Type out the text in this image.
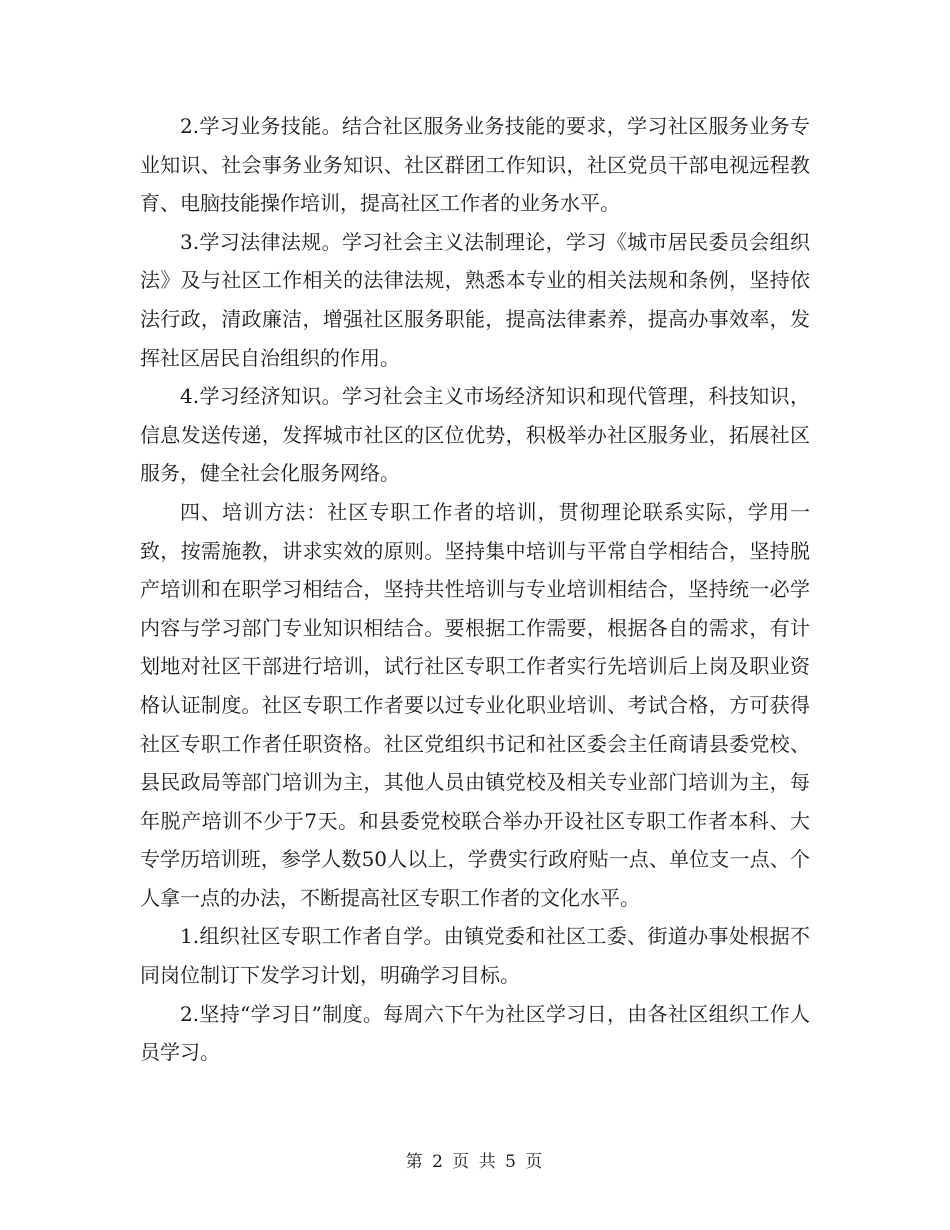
2.学习业务技能。结合社区服务业务技能的要求，学习社区服务业务专业知识、社会事务业务知识、社区群团工作知识，社区党员干部电视远程教育、电脑技能操作培训，提高社区工作者的业务水平。

3.学习法律法规。学习社会主义法制理论，学习《城市居民委员会组织法》及与社区工作相关的法律法规，熟悉本专业的相关法规和条例，坚持依法行政，清政廉洁，增强社区服务职能，提高法律素养，提高办事效率，发挥社区居民自治组织的作用。

4.学习经济知识。学习社会主义市场经济知识和现代管理，科技知识，信息发送传递，发挥城市社区的区位优势，积极举办社区服务业，拓展社区服务，健全社会化服务网络。

四、培训方法：社区专职工作者的培训，贯彻理论联系实际，学用一致，按需施教，讲求实效的原则。坚持集中培训与平常自学相结合，坚持脱产培训和在职学习相结合，坚持共性培训与专业培训相结合，坚持统一必学内容与学习部门专业知识相结合。要根据工作需要，根据各自的需求，有计划地对社区干部进行培训，试行社区专职工作者实行先培训后上岗及职业资格认证制度。社区专职工作者要以过专业化职业培训、考试合格，方可获得社区专职工作者任职资格。社区党组织书记和社区委会主任商请县委党校、县民政局等部门培训为主，其他人员由镇党校及相关专业部门培训为主，每年脱产培训不少于7天。和县委党校联合举办开设社区专职工作者本科、大专学历培训班，参学人数50人以上，学费实行政府贴一点、单位支一点、个人拿一点的办法，不断提高社区专职工作者的文化水平。

1.组织社区专职工作者自学。由镇党委和社区工委、街道办事处根据不同岗位制订下发学习计划，明确学习目标。

2.坚持“学习日”制度。每周六下午为社区学习日，由各社区组织工作人员学习。

第 2 页 共 5 页
